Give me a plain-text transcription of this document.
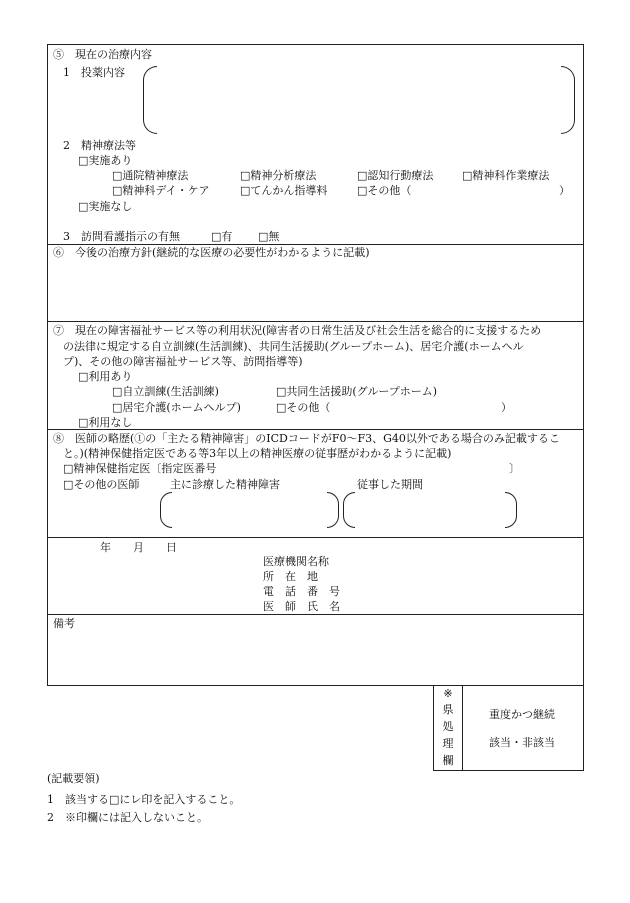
⑤　現在の治療内容
1　投薬内容
2　精神療法等
□実施あり
□通院精神療法	□精神分析療法	□認知行動療法	□精神科作業療法
□精神科デイ・ケア	□てんかん指導料	□その他（	）
□実施なし
3　訪問看護指示の有無	□有 □無
⑥　今後の治療方針(継続的な医療の必要性がわかるように記載)
⑦　現在の障害福祉サービス等の利用状況(障害者の日常生活及び社会生活を総合的に支援するため
の法律に規定する自立訓練(生活訓練)、共同生活援助(グループホーム)、居宅介護(ホームヘル
プ)、その他の障害福祉サービス等、訪問指導等)
□利用あり
□自立訓練(生活訓練)	□共同生活援助(グループホーム)
□居宅介護(ホームヘルプ)	□その他（	）
□利用なし
⑧　医師の略歴(①の「主たる精神障害」のICDコードがF0～F3、G40以外である場合のみ記載するこ
と。)(精神保健指定医である等3年以上の精神医療の従事歴がわかるように記載)
□精神保健指定医〔指定医番号	〕
□その他の医師	主に診療した精神障害	従事した期間
年　　月　　日
医療機関名称
所　在　地
電　話　番　号
医　師　氏　名
備考
※
県
処
理
欄
重度かつ継続
該当・非該当
(記載要領)
1　該当する□にレ印を記入すること。
2　※印欄には記入しないこと。
